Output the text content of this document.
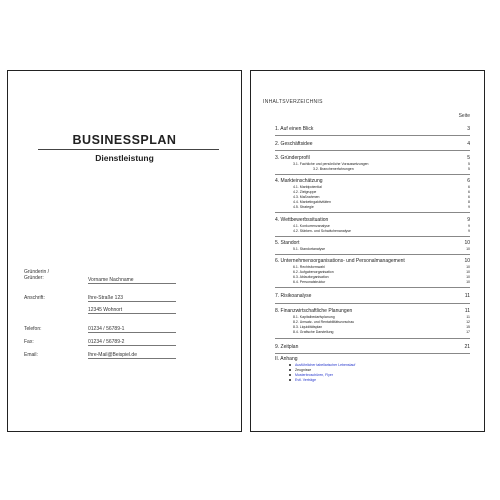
BUSINESSPLAN
Dienstleistung
Gründerin /
Gründer:	Vorname Nachname
Anschrift:	Ihre-Straße 123
12345 Wohnort
Telefon:	01234 / 56789-1
Fax:	01234 / 56789-2
Email:	Ihre-Mail@Beispiel.de
INHALTSVERZEICHNIS
Seite
1. Auf einen Blick	3
2. Geschäftsidee	4
3. Gründerprofil	5
3.1. Fachliche und persönliche Voraussetzungen	5
3.2. Branchenerfahrungen	5
4. Markteinschätzung	6
4.1. Marktpotential	6
4.2. Zielgruppe	6
4.3. Maßnahmen	6
4.4. Marketingaktivitäten	8
4.5. Strategie	9
4. Wettbewerbssituation	9
4.1. Konkurrenzanalyse	9
4.2. Stärken- und Schwächenanalyse	9
5. Standort	10
5.1. Standortanalyse	10
6. Unternehmensorganisations- und Personalmanagement	10
6.1. Rechtsformwahl	10
6.2. Aufgabenorganisation	10
6.3. Ablauforganisation	10
6.4. Personalstruktur	10
7. Risikoanalyse	11
8. Finanzwirtschaftliche Planungen	11
8.1. Kapitalbedarfsplanung	11
8.2. Umsatz- und Rentabilitätsvorschau	12
8.3. Liquiditätsplan	15
8.4. Grafische Darstellung	17
9. Zeitplan	21
II. Anhang
Ausführlicher tabellarischer Lebenslauf
Zeugnisse
Musterbroschüren, Flyer
Evtl. Verträge
